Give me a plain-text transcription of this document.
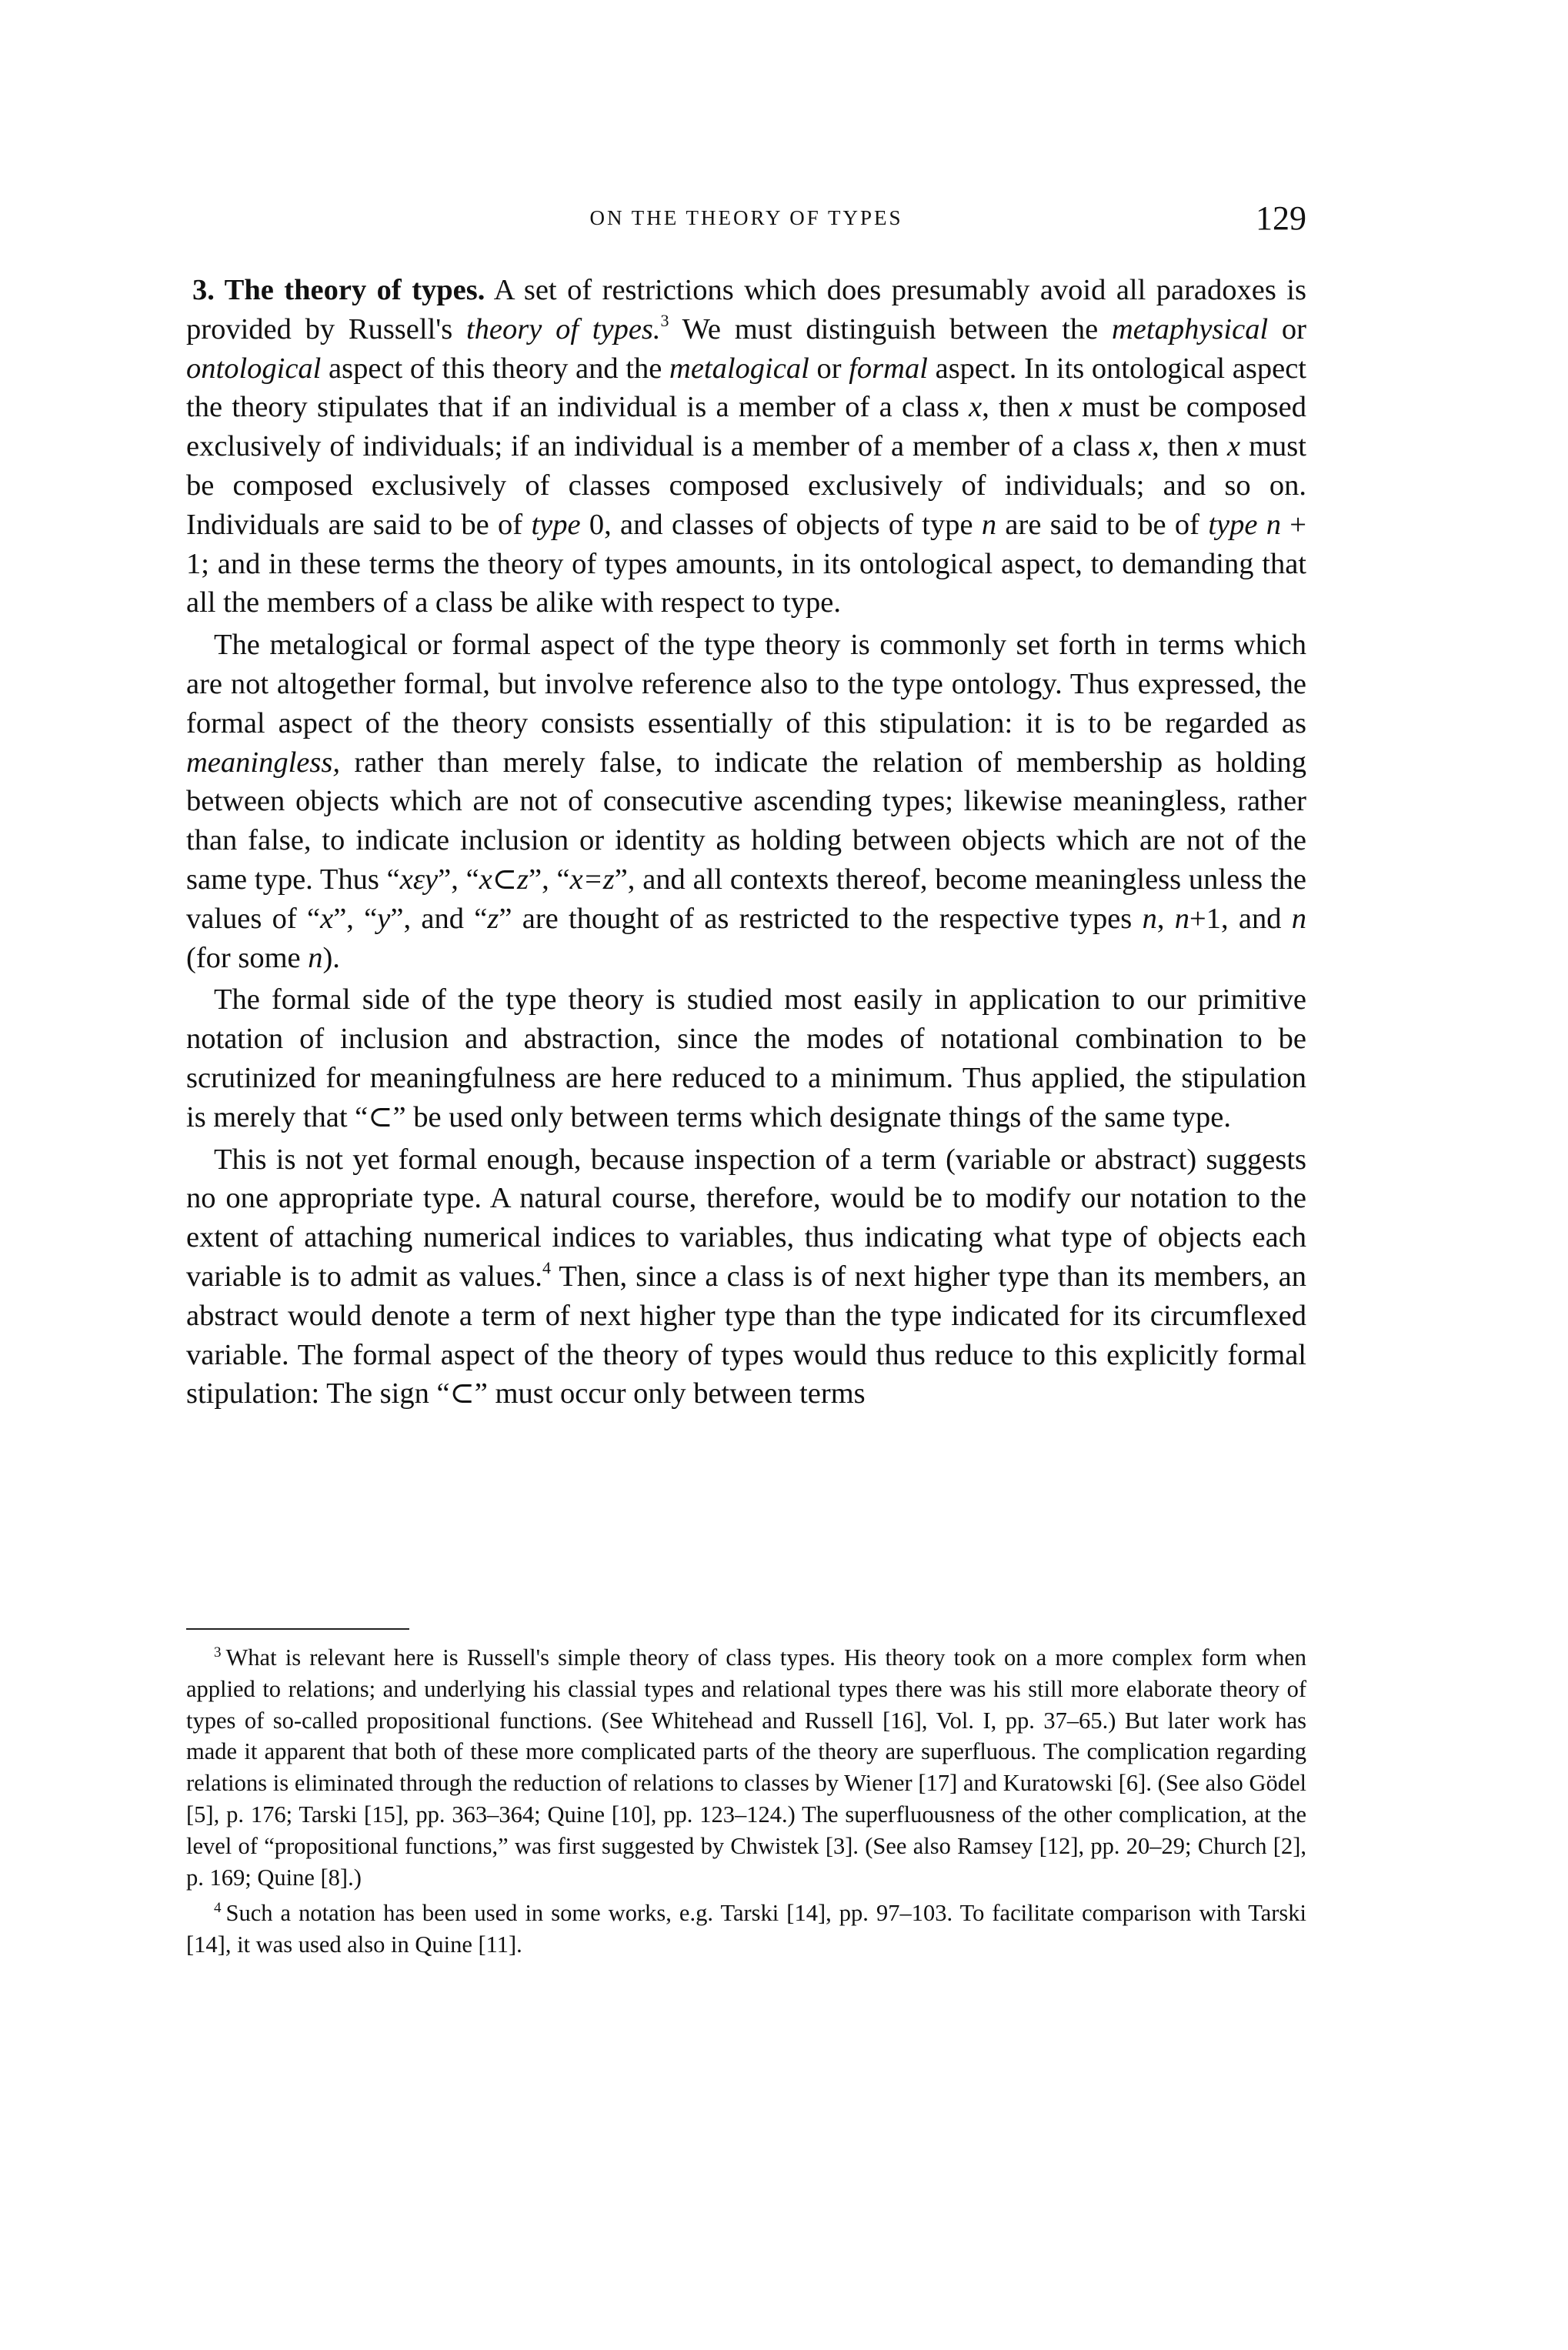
ON THE THEORY OF TYPES	129

3. The theory of types. A set of restrictions which does presumably avoid all paradoxes is provided by Russell's theory of types.$^3$ We must distinguish between the metaphysical or ontological aspect of this theory and the metalogical or formal aspect. In its ontological aspect the theory stipulates that if an individual is a member of a class x, then x must be composed exclusively of individuals; if an individual is a member of a member of a class x, then x must be composed exclusively of classes composed exclusively of individuals; and so on. Individuals are said to be of type 0, and classes of objects of type n are said to be of type n + 1; and in these terms the theory of types amounts, in its ontological aspect, to demanding that all the members of a class be alike with respect to type.

The metalogical or formal aspect of the type theory is commonly set forth in terms which are not altogether formal, but involve reference also to the type ontology. Thus expressed, the formal aspect of the theory consists essentially of this stipulation: it is to be regarded as meaningless, rather than merely false, to indicate the relation of membership as holding between objects which are not of consecutive ascending types; likewise meaningless, rather than false, to indicate inclusion or identity as holding between objects which are not of the same type. Thus “xεy”, “x⊂z”, “x=z”, and all contexts thereof, become meaningless unless the values of “x”, “y”, and “z” are thought of as restricted to the respective types n, n+1, and n (for some n).

The formal side of the type theory is studied most easily in application to our primitive notation of inclusion and abstraction, since the modes of notational combination to be scrutinized for meaningfulness are here reduced to a minimum. Thus applied, the stipulation is merely that “⊂” be used only between terms which designate things of the same type.

This is not yet formal enough, because inspection of a term (variable or abstract) suggests no one appropriate type. A natural course, therefore, would be to modify our notation to the extent of attaching numerical indices to variables, thus indicating what type of objects each variable is to admit as values.$^4$ Then, since a class is of next higher type than its members, an abstract would denote a term of next higher type than the type indicated for its circumflexed variable. The formal aspect of the theory of types would thus reduce to this explicitly formal stipulation: The sign “⊂” must occur only between terms

$^3$ What is relevant here is Russell's simple theory of class types. His theory took on a more complex form when applied to relations; and underlying his classial types and relational types there was his still more elaborate theory of types of so-called propositional functions. (See Whitehead and Russell [16], Vol. I, pp. 37–65.) But later work has made it apparent that both of these more complicated parts of the theory are superfluous. The complication regarding relations is eliminated through the reduction of relations to classes by Wiener [17] and Kuratowski [6]. (See also Gödel [5], p. 176; Tarski [15], pp. 363–364; Quine [10], pp. 123–124.) The superfluousness of the other complication, at the level of “propositional functions,” was first suggested by Chwistek [3]. (See also Ramsey [12], pp. 20–29; Church [2], p. 169; Quine [8].)

$^4$ Such a notation has been used in some works, e.g. Tarski [14], pp. 97–103. To facilitate comparison with Tarski [14], it was used also in Quine [11].
